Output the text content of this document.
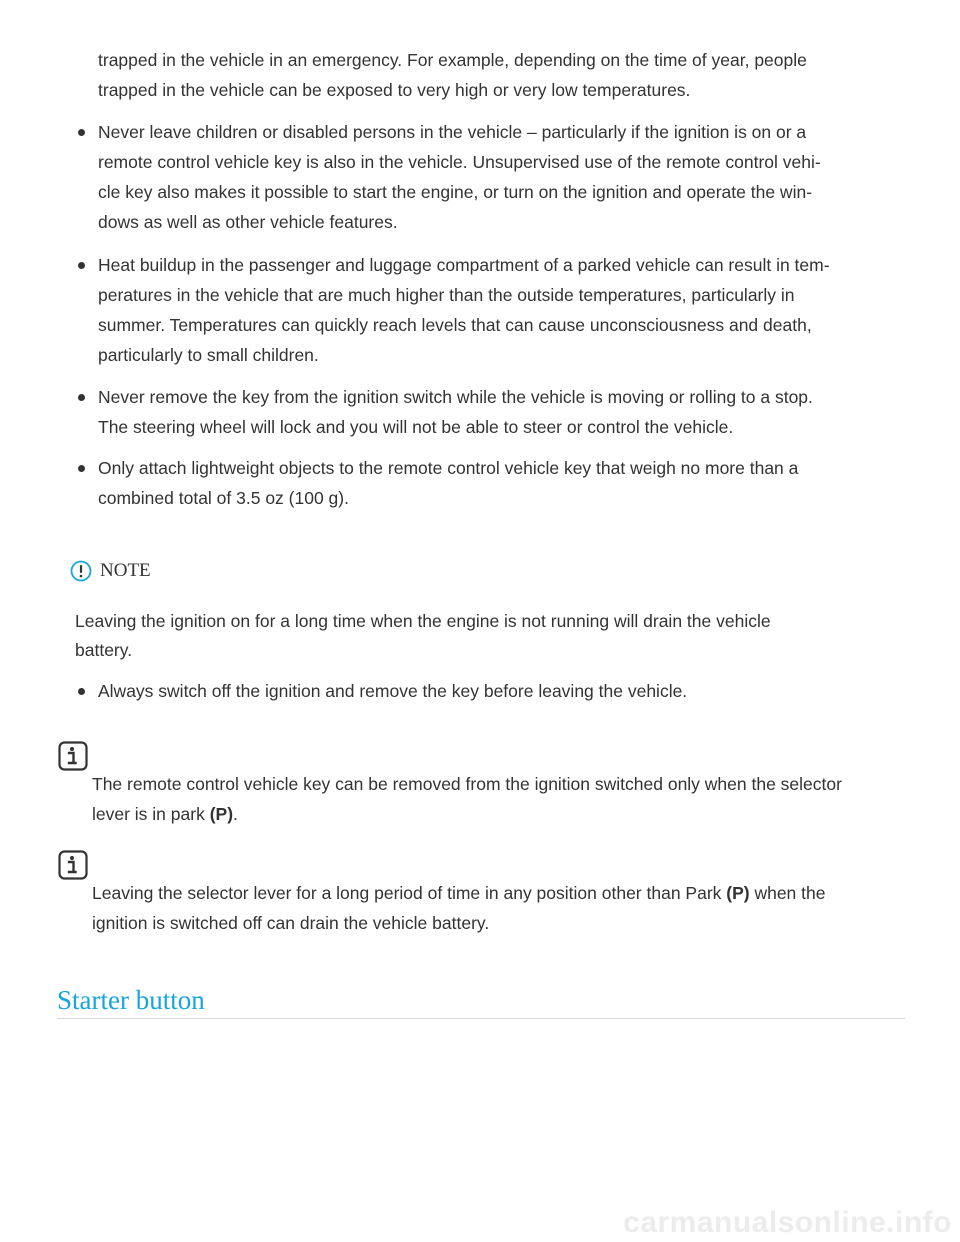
trapped in the vehicle in an emergency. For example, depending on the time of year, people
trapped in the vehicle can be exposed to very high or very low temperatures.
Never leave children or disabled persons in the vehicle – particularly if the ignition is on or a
remote control vehicle key is also in the vehicle. Unsupervised use of the remote control vehi-
cle key also makes it possible to start the engine, or turn on the ignition and operate the win-
dows as well as other vehicle features.
Heat buildup in the passenger and luggage compartment of a parked vehicle can result in tem-
peratures in the vehicle that are much higher than the outside temperatures, particularly in
summer. Temperatures can quickly reach levels that can cause unconsciousness and death,
particularly to small children.
Never remove the key from the ignition switch while the vehicle is moving or rolling to a stop.
The steering wheel will lock and you will not be able to steer or control the vehicle.
Only attach lightweight objects to the remote control vehicle key that weigh no more than a
combined total of 3.5 oz (100 g).
NOTE
Leaving the ignition on for a long time when the engine is not running will drain the vehicle
battery.
Always switch off the ignition and remove the key before leaving the vehicle.
The remote control vehicle key can be removed from the ignition switched only when the selector
lever is in park (P).
Leaving the selector lever for a long period of time in any position other than Park (P) when the
ignition is switched off can drain the vehicle battery.
Starter button
carmanualsonline.info
